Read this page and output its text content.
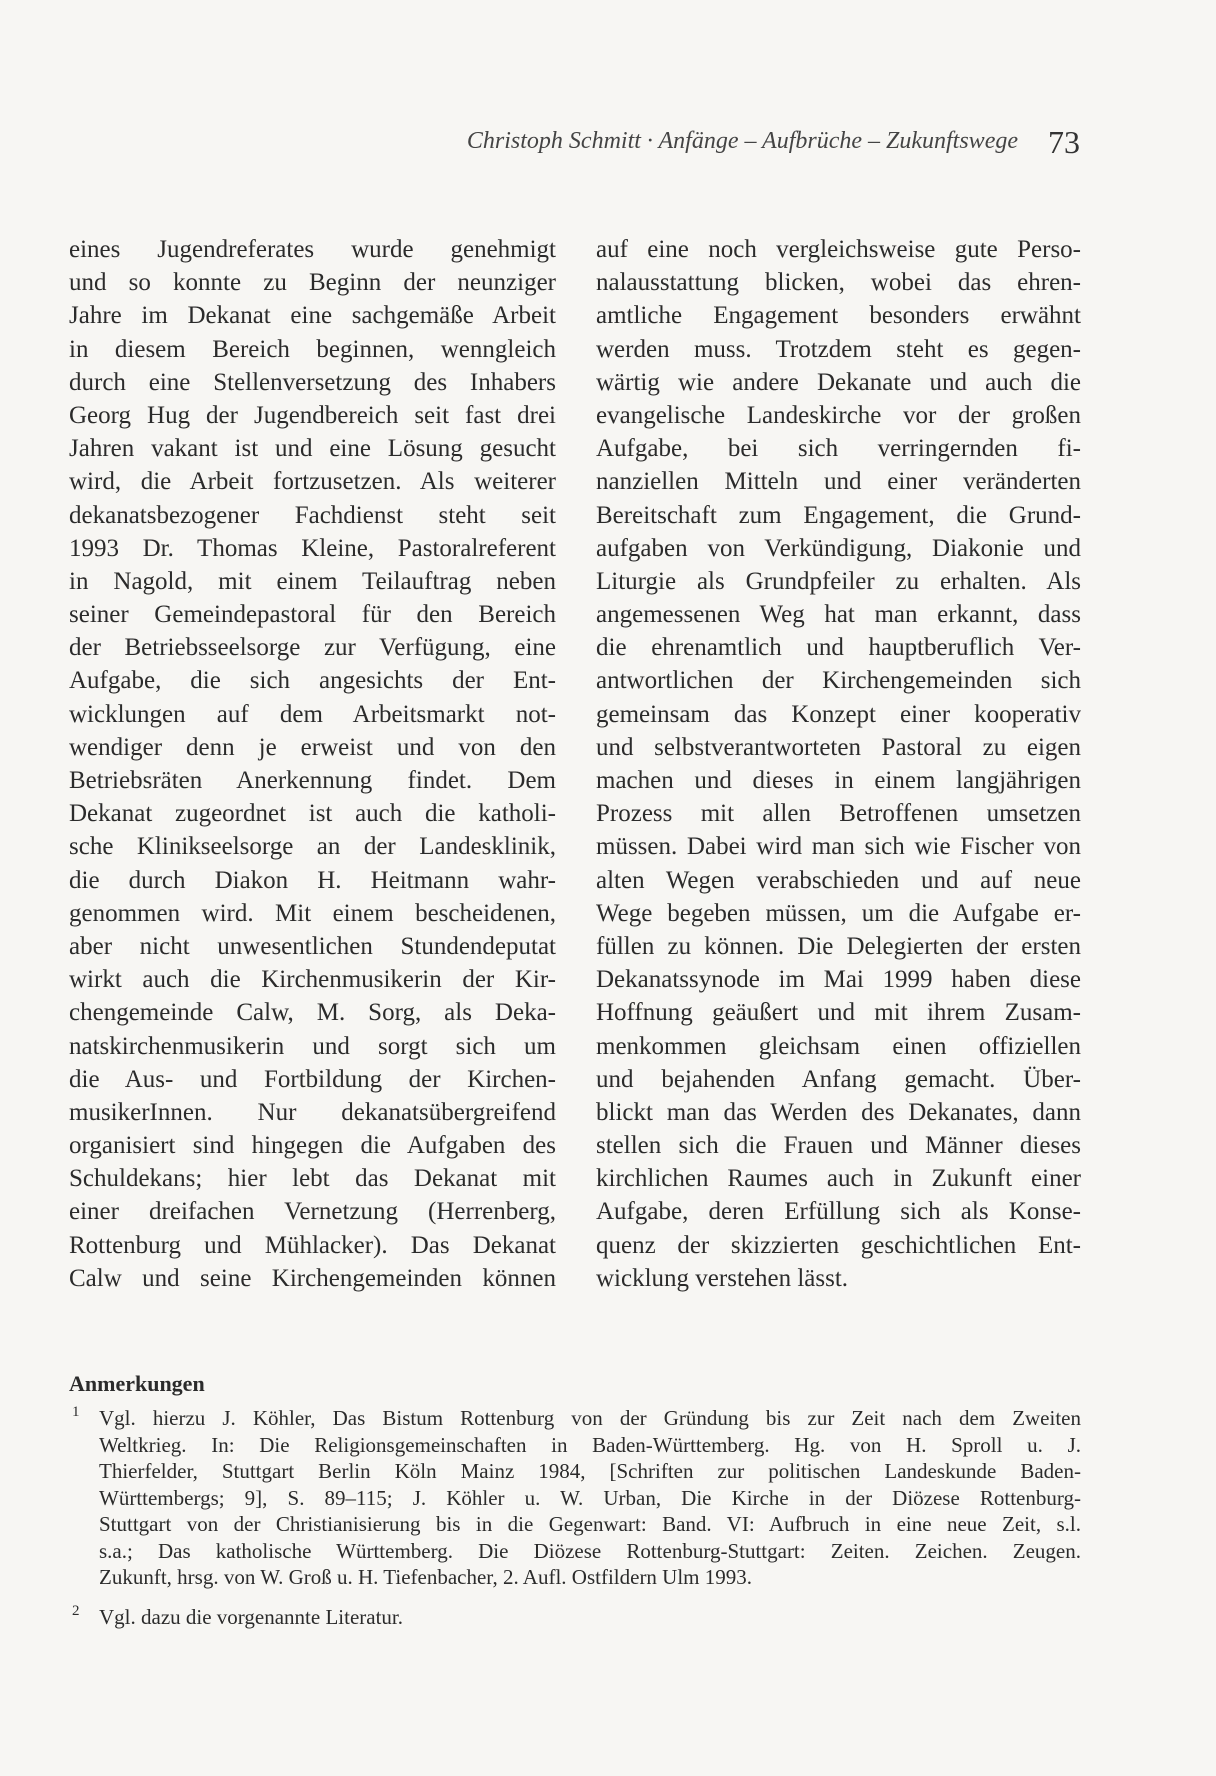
Christoph Schmitt · Anfänge – Aufbrüche – Zukunftswege 73
eines Jugendreferates wurde genehmigt
und so konnte zu Beginn der neunziger
Jahre im Dekanat eine sachgemäße Arbeit
in diesem Bereich beginnen, wenngleich
durch eine Stellenversetzung des Inhabers
Georg Hug der Jugendbereich seit fast drei
Jahren vakant ist und eine Lösung gesucht
wird, die Arbeit fortzusetzen. Als weiterer
dekanatsbezogener Fachdienst steht seit
1993 Dr. Thomas Kleine, Pastoralreferent
in Nagold, mit einem Teilauftrag neben
seiner Gemeindepastoral für den Bereich
der Betriebsseelsorge zur Verfügung, eine
Aufgabe, die sich angesichts der Ent-
wicklungen auf dem Arbeitsmarkt not-
wendiger denn je erweist und von den
Betriebsräten Anerkennung findet. Dem
Dekanat zugeordnet ist auch die katholi-
sche Klinikseelsorge an der Landesklinik,
die durch Diakon H. Heitmann wahr-
genommen wird. Mit einem bescheidenen,
aber nicht unwesentlichen Stundendeputat
wirkt auch die Kirchenmusikerin der Kir-
chengemeinde Calw, M. Sorg, als Deka-
natskirchenmusikerin und sorgt sich um
die Aus- und Fortbildung der Kirchen-
musikerInnen. Nur dekanatsübergreifend
organisiert sind hingegen die Aufgaben des
Schuldekans; hier lebt das Dekanat mit
einer dreifachen Vernetzung (Herrenberg,
Rottenburg und Mühlacker). Das Dekanat
Calw und seine Kirchengemeinden können
auf eine noch vergleichsweise gute Perso-
nalausstattung blicken, wobei das ehren-
amtliche Engagement besonders erwähnt
werden muss. Trotzdem steht es gegen-
wärtig wie andere Dekanate und auch die
evangelische Landeskirche vor der großen
Aufgabe, bei sich verringernden fi-
nanziellen Mitteln und einer veränderten
Bereitschaft zum Engagement, die Grund-
aufgaben von Verkündigung, Diakonie und
Liturgie als Grundpfeiler zu erhalten. Als
angemessenen Weg hat man erkannt, dass
die ehrenamtlich und hauptberuflich Ver-
antwortlichen der Kirchengemeinden sich
gemeinsam das Konzept einer kooperativ
und selbstverantworteten Pastoral zu eigen
machen und dieses in einem langjährigen
Prozess mit allen Betroffenen umsetzen
müssen. Dabei wird man sich wie Fischer von
alten Wegen verabschieden und auf neue
Wege begeben müssen, um die Aufgabe er-
füllen zu können. Die Delegierten der ersten
Dekanatssynode im Mai 1999 haben diese
Hoffnung geäußert und mit ihrem Zusam-
menkommen gleichsam einen offiziellen
und bejahenden Anfang gemacht. Über-
blickt man das Werden des Dekanates, dann
stellen sich die Frauen und Männer dieses
kirchlichen Raumes auch in Zukunft einer
Aufgabe, deren Erfüllung sich als Konse-
quenz der skizzierten geschichtlichen Ent-
wicklung verstehen lässt.
Anmerkungen
1 Vgl. hierzu J. Köhler, Das Bistum Rottenburg von der Gründung bis zur Zeit nach dem Zweiten
Weltkrieg. In: Die Religionsgemeinschaften in Baden-Württemberg. Hg. von H. Sproll u. J.
Thierfelder, Stuttgart Berlin Köln Mainz 1984, [Schriften zur politischen Landeskunde Baden-
Württembergs; 9], S. 89–115; J. Köhler u. W. Urban, Die Kirche in der Diözese Rottenburg-
Stuttgart von der Christianisierung bis in die Gegenwart: Band. VI: Aufbruch in eine neue Zeit, s.l.
s.a.; Das katholische Württemberg. Die Diözese Rottenburg-Stuttgart: Zeiten. Zeichen. Zeugen.
Zukunft, hrsg. von W. Groß u. H. Tiefenbacher, 2. Aufl. Ostfildern Ulm 1993.
2 Vgl. dazu die vorgenannte Literatur.
